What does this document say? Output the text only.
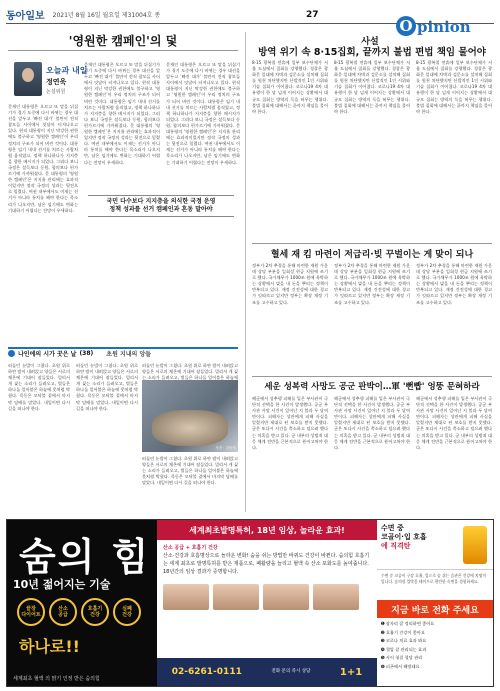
동아일보 2021년 8월 16일 월요일 제31004호 종	27
O pinion
'영원한 캠페인'의 덫
오늘과 내일
정연욱
논설위원
문재인 대통령은 오르고 또 말을 뒤집기가 경기 도중에 다시 바뀌는 경우 대선을 앞두고 ‘빠진 대가’ 불만이 전직 참모들 사이에서 잇달아 터져나오고 있다. 현직 대통령이 지닌 막강한 권한에도 불구하고 ‘영원한 캠페인’이 우리 정치의 구조가 되어 버린 것이다. 대통령은 임기 내내 선거를 치르는 사람처럼 움직였고, 정책 하나하나가 지지층을 향한 메시지가 되었다. 그러다 보니 국정은 설득보다 동원, 합의보다 편가르기에 가까워졌다. 문 대통령의 ‘영원한 캠페인’은 지지율 관리에는 효과적이었지만 정작 국정의 성과는 뒷전으로 밀렸다. 여권 내부에서도 이제는 선거가 아니라 통치를 해야 한다는 목소리가 나오지만, 남은 임기에도 변화는 기대하기 어렵다는 전망이 우세하다.
문재인 대통령은 오르고 또 말을 뒤집기가 경기 도중에 다시 바뀌는 경우 대선을 앞두고 ‘빠진 대가’ 불만이 전직 참모들 사이에서 잇달아 터져나오고 있다. 현직 대통령이 지닌 막강한 권한에도 불구하고 ‘영원한 캠페인’이 우리 정치의 구조가 되어 버린 것이다. 대통령은 임기 내내 선거를 치르는 사람처럼 움직였고, 정책 하나하나가 지지층을 향한 메시지가 되었다. 그러다 보니 국정은 설득보다 동원, 합의보다 편가르기에 가까워졌다. 문 대통령의 ‘영원한 캠페인’은 지지율 관리에는 효과적이었지만 정작 국정의 성과는 뒷전으로 밀렸다. 여권 내부에서도 이제는 선거가 아니라 통치를 해야 한다는 목소리가 나오지만, 남은 임기에도 변화는 기대하기 어렵다는 전망이 우세하다.
문재인 대통령은 오르고 또 말을 뒤집기가 경기 도중에 다시 바뀌는 경우 대선을 앞두고 ‘빠진 대가’ 불만이 전직 참모들 사이에서 잇달아 터져나오고 있다. 현직 대통령이 지닌 막강한 권한에도 불구하고 ‘영원한 캠페인’이 우리 정치의 구조가 되어 버린 것이다. 대통령은 임기 내내 선거를 치르는 사람처럼 움직였고, 정책 하나하나가 지지층을 향한 메시지가 되었다. 그러다 보니 국정은 설득보다 동원, 합의보다 편가르기에 가까워졌다. 문 대통령의 ‘영원한 캠페인’은 지지율 관리에는 효과적이었지만 정작 국정의 성과는 뒷전으로 밀렸다. 여권 내부에서도 이제는 선거가 아니라 통치를 해야 한다는 목소리가 나오지만, 남은 임기에도 변화는 기대하기 어렵다는 전망이 우세하다.
국민 다수보다 지지층을 의식한 국정 운영
정책 성과를 선거 캠페인과 혼동 말아야
나인에의 시가 꿋은 날 (38) 초원 지내의 앙들
떠돌던 눈발이 그쳤다. 초원 위로 하얀 밤이 내려앉고 양들은 서로의 체온에 기대어 잠들었다. 멀리서 개 짖는 소리가 들려오고, 별들은 하나둘 얼어붙은 하늘에 못처럼 박혔다. 목동은 모닥불 곁에서 마지막 담배를 말았다. 내일이면 다시 길을 떠나야 한다.
떠돌던 눈발이 그쳤다. 초원 위로 하얀 밤이 내려앉고 양들은 서로의 체온에 기대어 잠들었다. 멀리서 개 짖는 소리가 들려오고, 별들은 하나둘 얼어붙은 하늘에 못처럼 박혔다. 목동은 모닥불 곁에서 마지막 담배를 말았다. 내일이면 다시 길을 떠나야 한다.
떠돌던 눈발이 그쳤다. 초원 위로 하얀 밤이 내려앉고 양들은 서로의 체온에 기대어 잠들었다. 멀리서 개 짖는 소리가 들려오고, 별들은 하나둘 얼어붙은 하늘에
사진 · 김동욱
떠돌던 눈발이 그쳤다. 초원 위로 하얀 밤이 내려앉고 양들은 서로의 체온에 기대어 잠들었다. 멀리서 개 짖는 소리가 들려오고, 별들은 하나둘 얼어붙은 하늘에 못처럼 박혔다. 목동은 모닥불 곁에서 마지막 담배를 말았다. 내일이면 다시 길을 떠나야 한다.
사설
방역 위기 속 8·15집회, 끝까지 불법 편법 책임 물어야
8·15 광복절 연휴에 일부 보수단체가 서울 도심에서 집회를 강행했다. 경찰은 광화문 일대에 차벽과 검문소를 설치해 집회를 원천 차단했지만 산발적인 1인 시위와 기습 집회가 이어졌다. 코로나19 4차 대유행이 한 달 넘게 이어지는 상황에서 대규모 집회는 방역의 둑을 허무는 행위다. 불법 집회에 대해서는 끝까지 책임을 물어야 한다.
8·15 광복절 연휴에 일부 보수단체가 서울 도심에서 집회를 강행했다. 경찰은 광화문 일대에 차벽과 검문소를 설치해 집회를 원천 차단했지만 산발적인 1인 시위와 기습 집회가 이어졌다. 코로나19 4차 대유행이 한 달 넘게 이어지는 상황에서 대규모 집회는 방역의 둑을 허무는 행위다. 불법 집회에 대해서는 끝까지 책임을 물어야 한다.
8·15 광복절 연휴에 일부 보수단체가 서울 도심에서 집회를 강행했다. 경찰은 광화문 일대에 차벽과 검문소를 설치해 집회를 원천 차단했지만 산발적인 1인 시위와 기습 집회가 이어졌다. 코로나19 4차 대유행이 한 달 넘게 이어지는 상황에서 대규모 집회는 방역의 둑을 허무는 행위다. 불법 집회에 대해서는 끝까지 책임을 물어야 한다.
혈세 재 킴 마련이 저급리·빚 꾸벌이는 게 맞이 되나
정부가 2차 추경을 통해 마련한 재원 가운데 상당 부분을 일회성 현금 지원에 쓰기로 했다. 국가채무가 1000조 원에 육박하는 상황에서 빚을 내 돈을 뿌리는 정책이 반복되고 있다. 재정 건전성에 대한 경고가 잇따르고 있지만 정부는 확장 재정 기조를 고수하고 있다.
정부가 2차 추경을 통해 마련한 재원 가운데 상당 부분을 일회성 현금 지원에 쓰기로 했다. 국가채무가 1000조 원에 육박하는 상황에서 빚을 내 돈을 뿌리는 정책이 반복되고 있다. 재정 건전성에 대한 경고가 잇따르고 있지만 정부는 확장 재정 기조를 고수하고 있다.
정부가 2차 추경을 통해 마련한 재원 가운데 상당 부분을 일회성 현금 지원에 쓰기로 했다. 국가채무가 1000조 원에 육박하는 상황에서 빚을 내 돈을 뿌리는 정책이 반복되고 있다. 재정 건전성에 대한 경고가 잇따르고 있지만 정부는 확장 재정 기조를 고수하고 있다.
세운 성복력 사망도 공군 판박이…軍 '뻔빱' 엉뚱 문혀하라
해군에서 성추행 피해를 입은 부사관이 극단적 선택을 한 사건이 발생했다. 공군 부사관 사망 사건이 일어난 지 불과 두 달여 만이다. 피해자는 상관에게 피해 사실을 알렸지만 제대로 된 보호를 받지 못했다. 군은 또다시 사건을 축소하고 덮으려 했다는 의혹을 받고 있다. 군 내부의 성범죄 대응 체계 전반을 근본적으로 뜯어고쳐야 한다.
해군에서 성추행 피해를 입은 부사관이 극단적 선택을 한 사건이 발생했다. 공군 부사관 사망 사건이 일어난 지 불과 두 달여 만이다. 피해자는 상관에게 피해 사실을 알렸지만 제대로 된 보호를 받지 못했다. 군은 또다시 사건을 축소하고 덮으려 했다는 의혹을 받고 있다. 군 내부의 성범죄 대응 체계 전반을 근본적으로 뜯어고쳐야 한다.
해군에서 성추행 피해를 입은 부사관이 극단적 선택을 한 사건이 발생했다. 공군 부사관 사망 사건이 일어난 지 불과 두 달여 만이다. 피해자는 상관에게 피해 사실을 알렸지만 제대로 된 보호를 받지 못했다. 군은 또다시 사건을 축소하고 덮으려 했다는 의혹을 받고 있다. 군 내부의 성범죄 대응 체계 전반을 근본적으로 뜯어고쳐야 한다.
숨의 힘
10년 젊어지는 기술
끝장
다이어트
산소
공급
호흡기
건강
심폐
건강
하나로!!
세계최초 혈액 의 맑기 인정 받은 숨의힘
세계최초발명특허, 18년 임상, 놀라운 효과!
산소 공급 + 호흡기 건강
산소·건강과 호흡명상으로 놀라운 변화! 숨을 쉬는 방법만 바꿔도 건강이 바뀐다. 숨의힘 호흡기는 세계 최초로 발명특허를 받은 제품으로, 폐활량을 늘리고 혈액 속 산소 포화도를 높여줍니다. 18년간의 임상 결과가 증명합니다.
02-6261-0111	전화 문의 즉시 상담	1+1
수면 중
코골이·입 호흡
에 직격탄
수면 중 코골이 구강 호흡, 입으로 숨 쉬는 습관은 건강에 치명적입니다. 숨의힘 입막음 테이프로 편안한 숙면을 경험하세요.
지금 바로 전화 주세요
➊ 잠자리 잘 정리하면 좋아요
➋ 호흡기 건강이 좋아요
➌ 코로나 치료 효과 봐요
➍ 혈압 잘 관리되는 효과
➎ 사이 청결 혈당 관리
➏ 피곤에서 해방돼요
